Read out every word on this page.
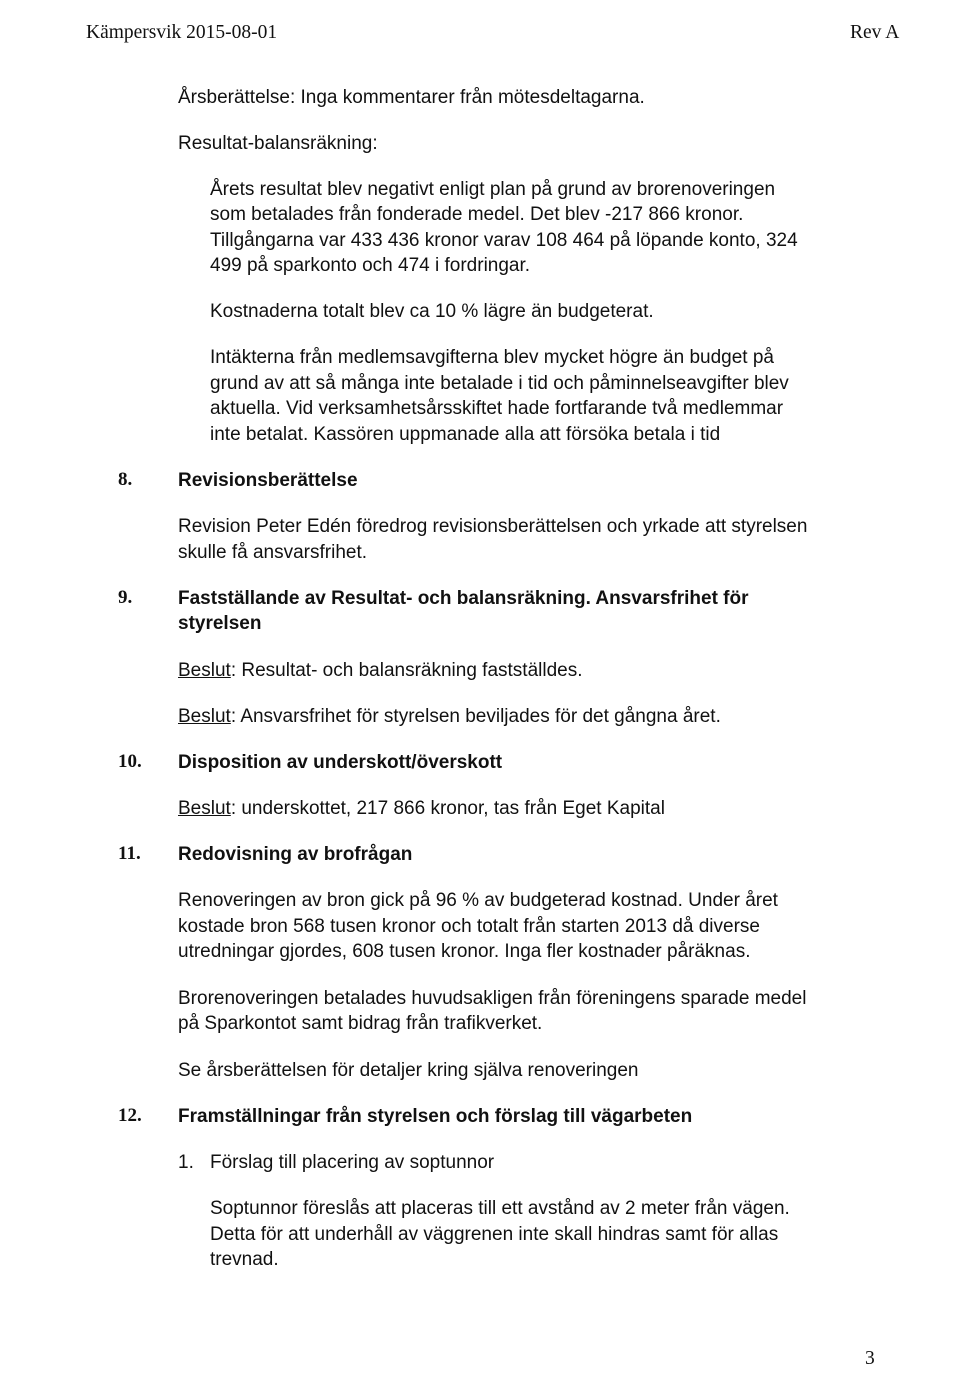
Kämpersvik 2015-08-01	Rev A
Årsberättelse: Inga kommentarer från mötesdeltagarna.
Resultat-balansräkning:
Årets resultat blev negativt enligt plan på grund av brorenoveringen
som betalades från fonderade medel. Det blev -217 866 kronor.
Tillgångarna var 433 436 kronor varav 108 464 på löpande konto, 324
499 på sparkonto och 474 i fordringar.
Kostnaderna totalt blev ca 10 % lägre än budgeterat.
Intäkterna från medlemsavgifterna blev mycket högre än budget på
grund av att så många inte betalade i tid och påminnelseavgifter blev
aktuella. Vid verksamhetsårsskiftet hade fortfarande två medlemmar
inte betalat. Kassören uppmanade alla att försöka betala i tid
8. Revisionsberättelse
Revision Peter Edén föredrog revisionsberättelsen och yrkade att styrelsen
skulle få ansvarsfrihet.
9. Fastställande av Resultat- och balansräkning. Ansvarsfrihet för
styrelsen
Beslut: Resultat- och balansräkning fastställdes.
Beslut: Ansvarsfrihet för styrelsen beviljades för det gångna året.
10. Disposition av underskott/överskott
Beslut: underskottet, 217 866 kronor, tas från Eget Kapital
11. Redovisning av brofrågan
Renoveringen av bron gick på 96 % av budgeterad kostnad. Under året
kostade bron 568 tusen kronor och totalt från starten 2013 då diverse
utredningar gjordes, 608 tusen kronor. Inga fler kostnader påräknas.
Brorenoveringen betalades huvudsakligen från föreningens sparade medel
på Sparkontot samt bidrag från trafikverket.
Se årsberättelsen för detaljer kring själva renoveringen
12. Framställningar från styrelsen och förslag till vägarbeten
1. Förslag till placering av soptunnor
Soptunnor föreslås att placeras till ett avstånd av 2 meter från vägen.
Detta för att underhåll av väggrenen inte skall hindras samt för allas
trevnad.
3
